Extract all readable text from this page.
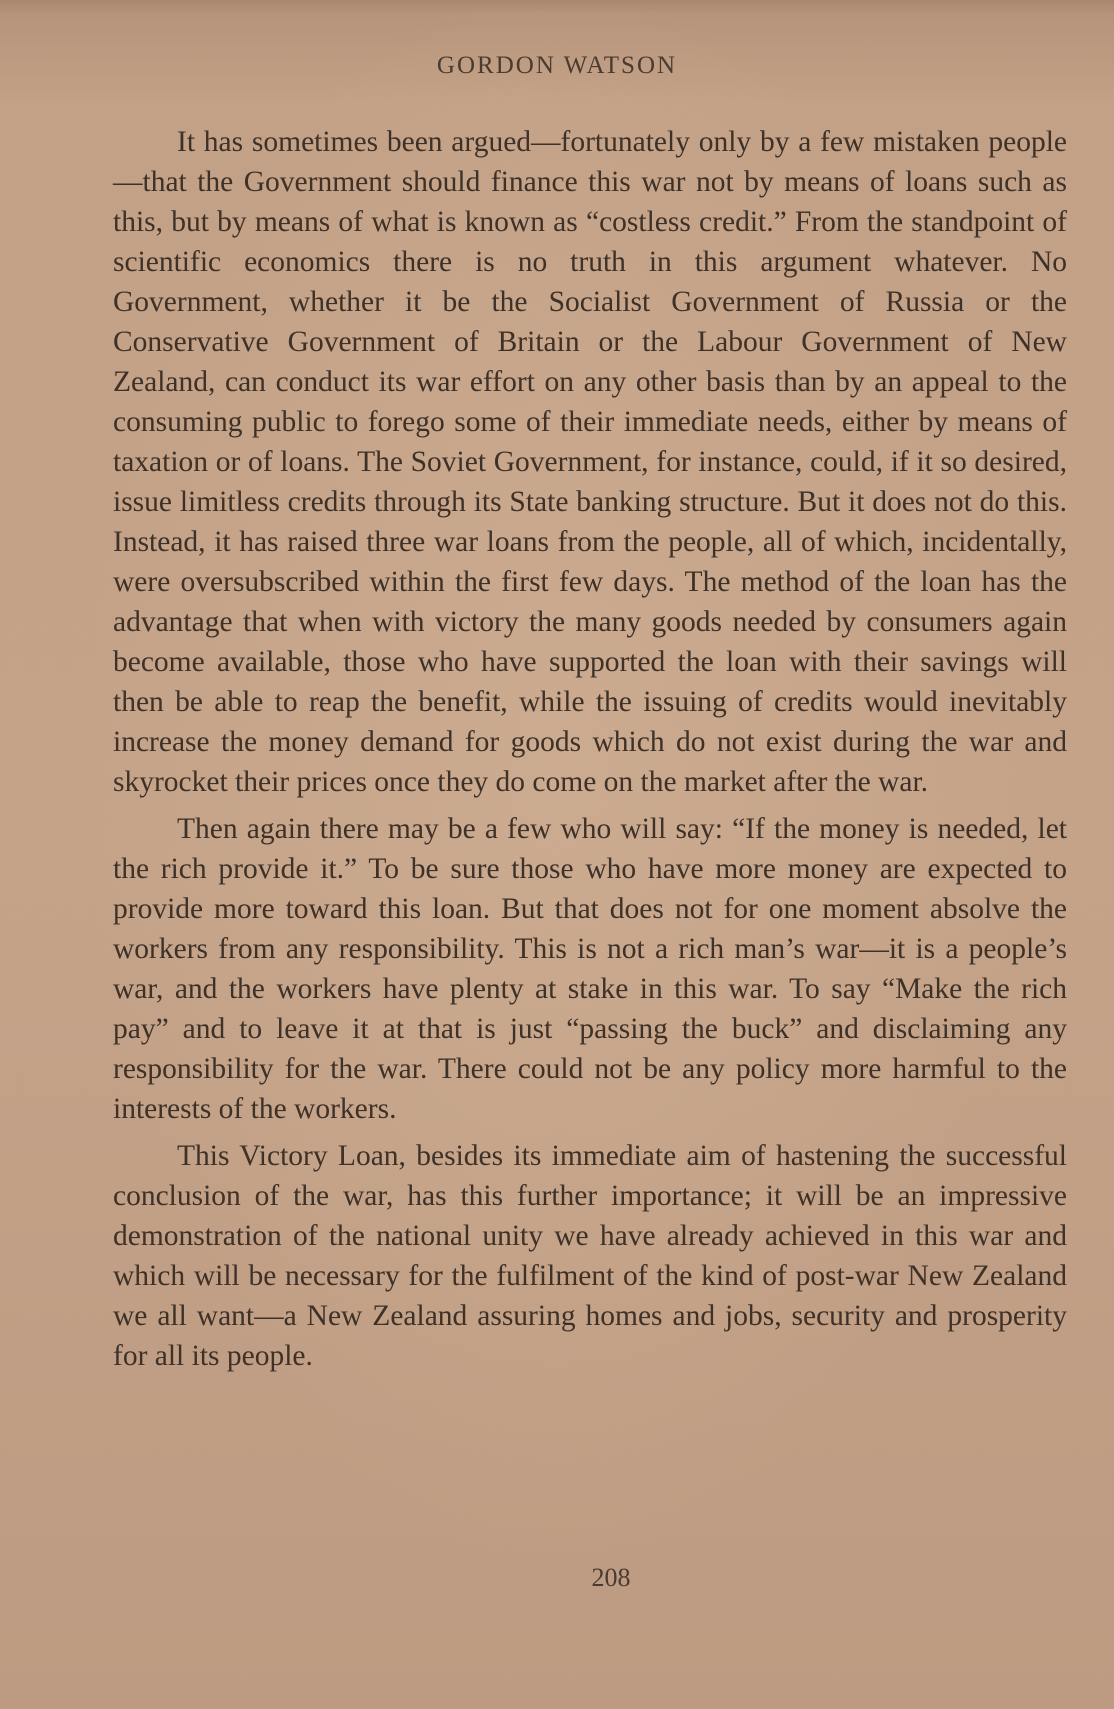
GORDON WATSON

It has sometimes been argued—fortunately only by a few mistaken people—that the Government should finance this war not by means of loans such as this, but by means of what is known as “costless credit.” From the standpoint of scientific economics there is no truth in this argument whatever. No Government, whether it be the Socialist Government of Russia or the Conservative Government of Britain or the Labour Government of New Zealand, can conduct its war effort on any other basis than by an appeal to the consuming public to forego some of their immediate needs, either by means of taxation or of loans. The Soviet Government, for instance, could, if it so desired, issue limitless credits through its State banking structure. But it does not do this. Instead, it has raised three war loans from the people, all of which, incidentally, were oversubscribed within the first few days. The method of the loan has the advantage that when with victory the many goods needed by consumers again become available, those who have supported the loan with their savings will then be able to reap the benefit, while the issuing of credits would inevitably increase the money demand for goods which do not exist during the war and skyrocket their prices once they do come on the market after the war.

Then again there may be a few who will say: “If the money is needed, let the rich provide it.” To be sure those who have more money are expected to provide more toward this loan. But that does not for one moment absolve the workers from any responsibility. This is not a rich man’s war—it is a people’s war, and the workers have plenty at stake in this war. To say “Make the rich pay” and to leave it at that is just “passing the buck” and disclaiming any responsibility for the war. There could not be any policy more harmful to the interests of the workers.

This Victory Loan, besides its immediate aim of hastening the successful conclusion of the war, has this further importance; it will be an impressive demonstration of the national unity we have already achieved in this war and which will be necessary for the fulfilment of the kind of post-war New Zealand we all want—a New Zealand assuring homes and jobs, security and prosperity for all its people.

208
